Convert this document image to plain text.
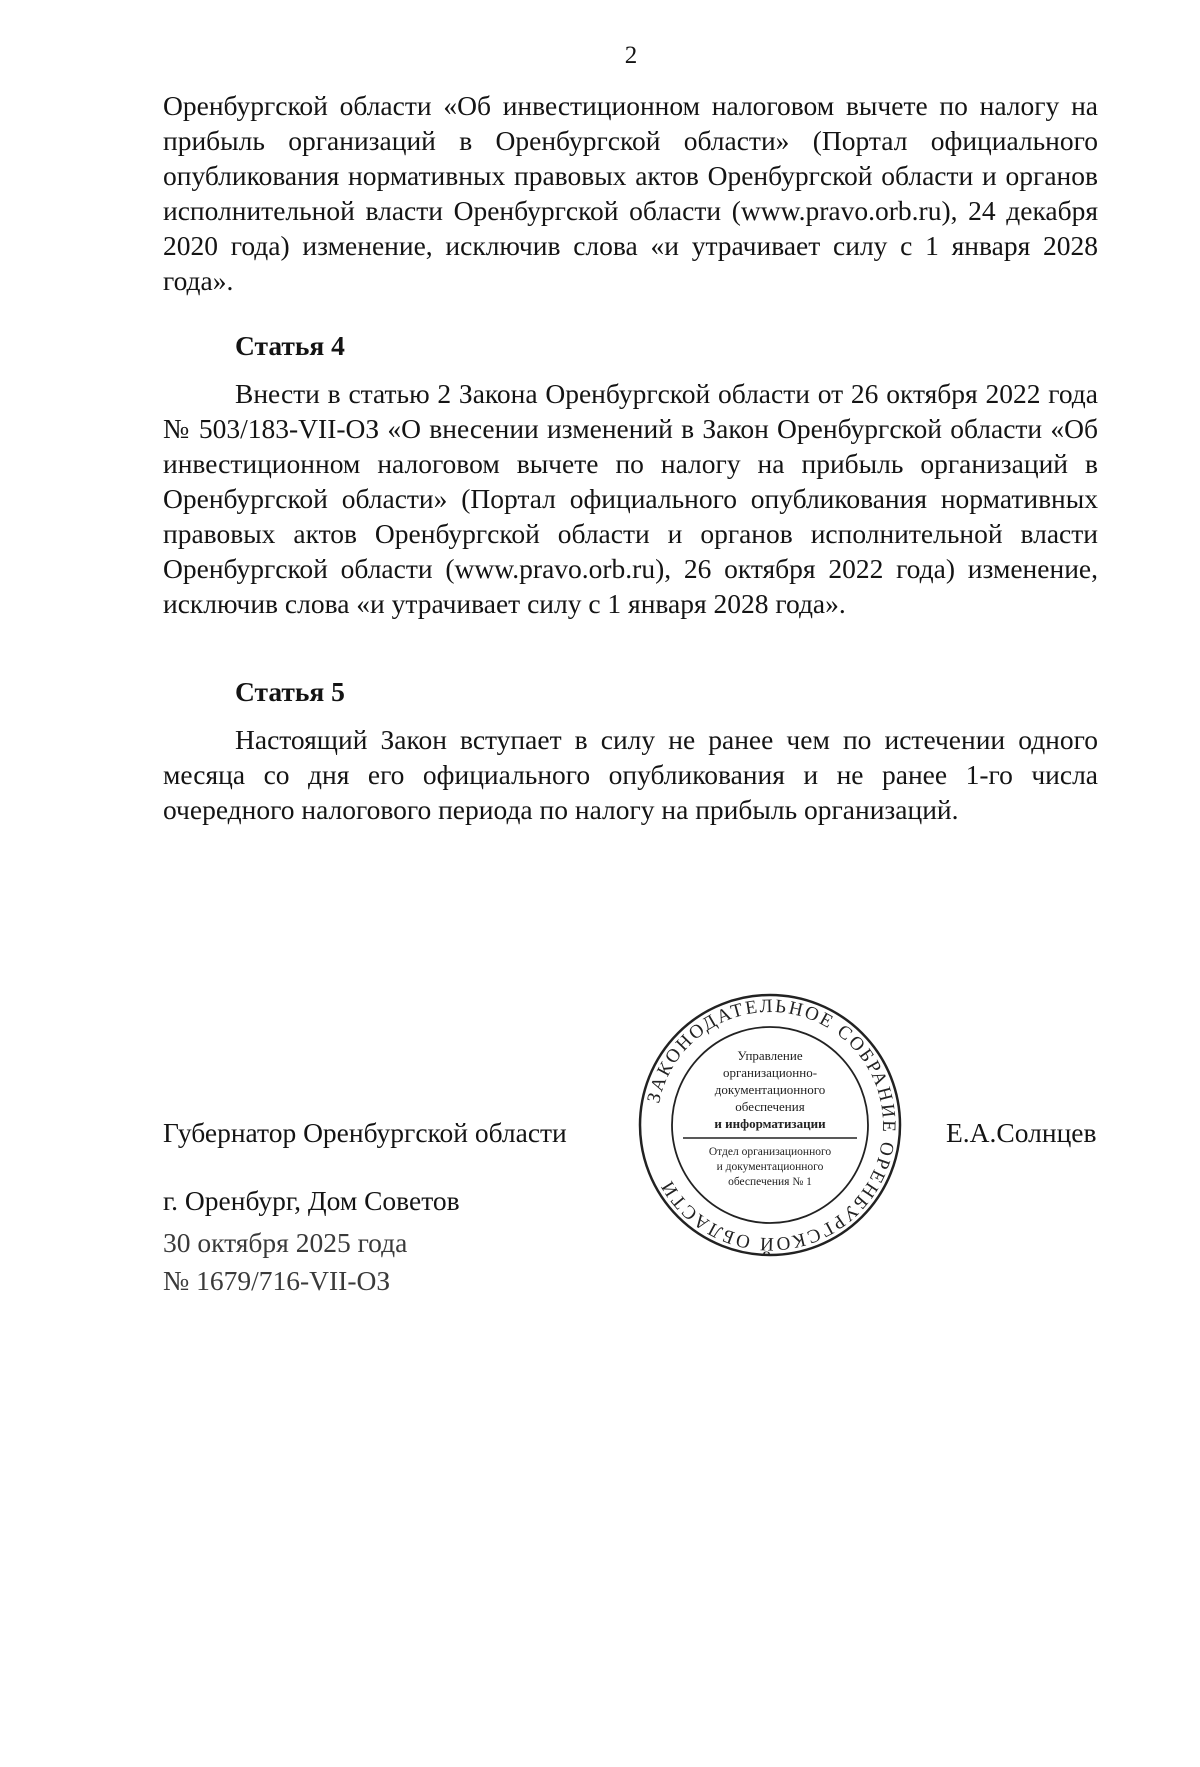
2
Оренбургской области «Об инвестиционном налоговом вычете по налогу на прибыль организаций в Оренбургской области» (Портал официального опубликования нормативных правовых актов Оренбургской области и органов исполнительной власти Оренбургской области (www.pravo.orb.ru), 24 декабря 2020 года) изменение, исключив слова «и утрачивает силу с 1 января 2028 года».
Статья 4
Внести в статью 2 Закона Оренбургской области от 26 октября 2022 года № 503/183-VII-ОЗ «О внесении изменений в Закон Оренбургской области «Об инвестиционном налоговом вычете по налогу на прибыль организаций в Оренбургской области» (Портал официального опубликования нормативных правовых актов Оренбургской области и органов исполнительной власти Оренбургской области (www.pravo.orb.ru), 26 октября 2022 года) изменение, исключив слова «и утрачивает силу с 1 января 2028 года».
Статья 5
Настоящий Закон вступает в силу не ранее чем по истечении одного месяца со дня его официального опубликования и не ранее 1-го числа очередного налогового периода по налогу на прибыль организаций.
Губернатор Оренбургской области	Е.А.Солнцев
г. Оренбург, Дом Советов
30 октября 2025 года
№ 1679/716-VII-ОЗ
ЗАКОНОДАТЕЛЬНОЕ СОБРАНИЕ ОРЕНБУРГСКОЙ ОБЛАСТИ
Управление
организационно-
документационного
обеспечения
и информатизации
Отдел организационного
и документационного
обеспечения № 1
